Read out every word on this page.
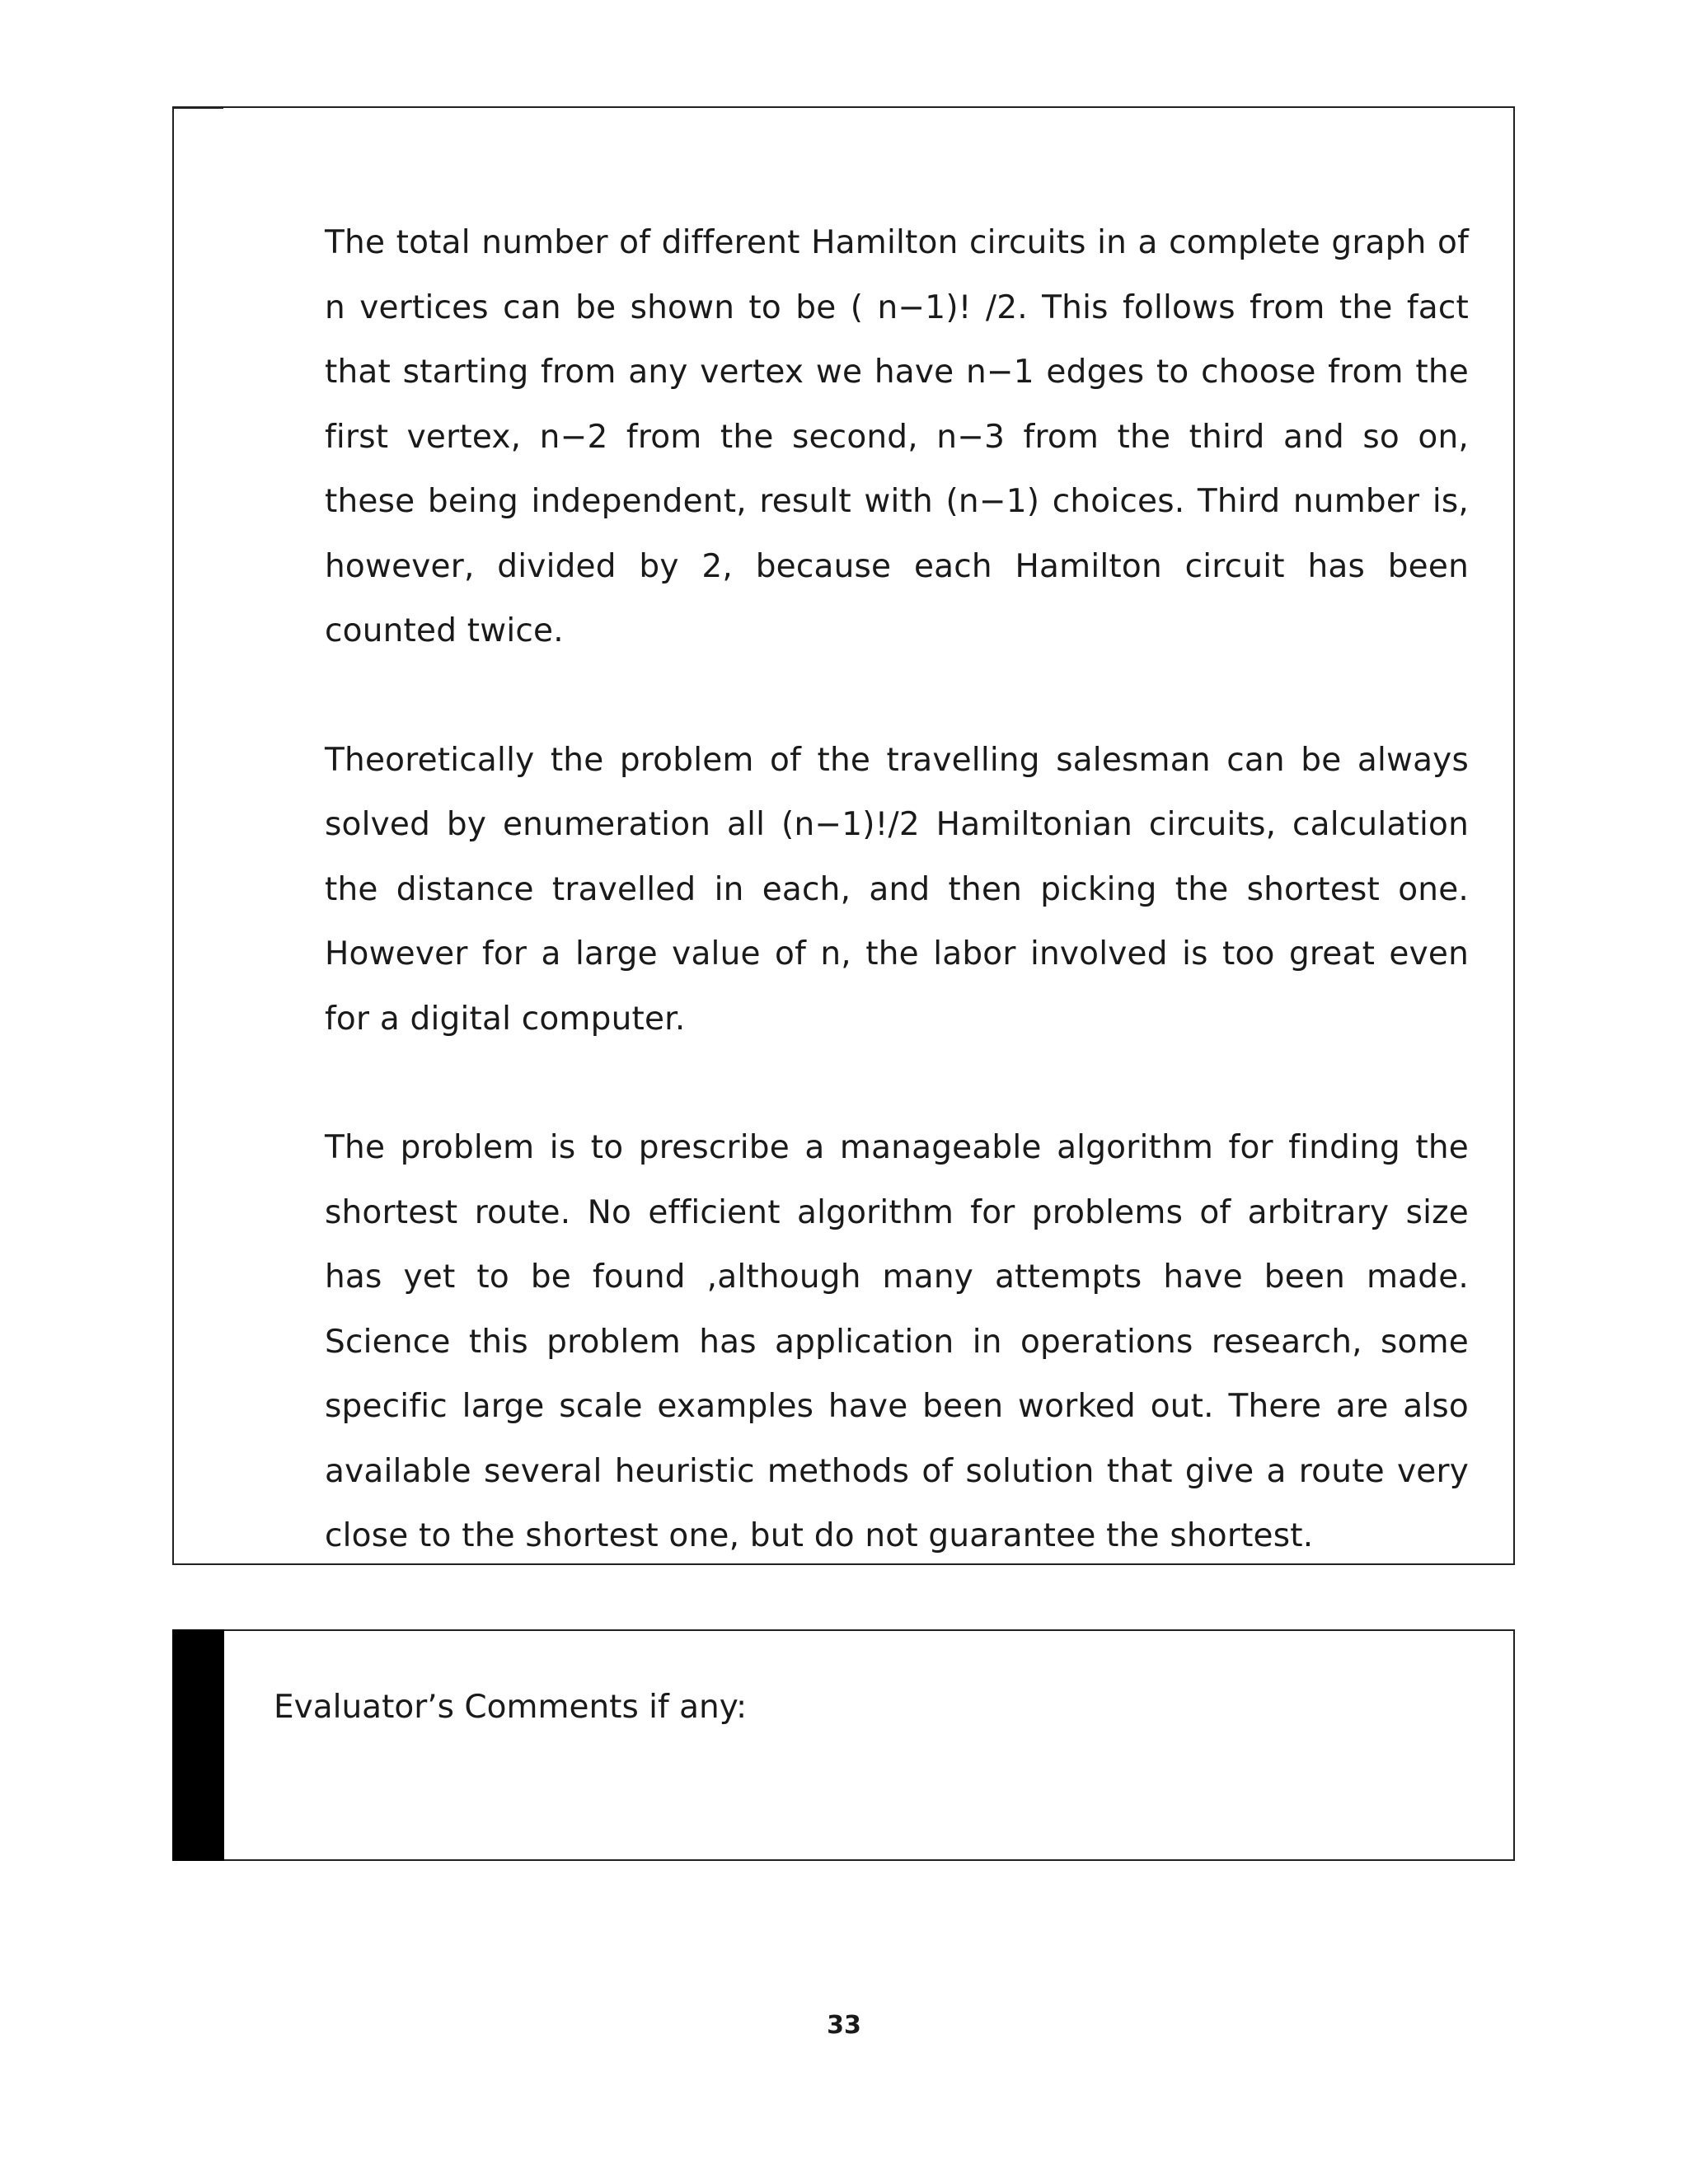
The total number of different Hamilton circuits in a complete graph of n vertices can be shown to be ( n−1)! /2. This follows from the fact that starting from any vertex we have n−1 edges to choose from the first vertex, n−2 from the second, n−3 from the third and so on, these being independent, result with (n−1) choices. Third number is, however, divided by 2, because each Hamilton circuit has been counted twice.

Theoretically the problem of the travelling salesman can be always solved by enumeration all (n−1)!/2 Hamiltonian circuits, calculation the distance travelled in each, and then picking the shortest one. However for a large value of n, the labor involved is too great even for a digital computer.

The problem is to prescribe a manageable algorithm for finding the shortest route. No efficient algorithm for problems of arbitrary size has yet to be found ,although many attempts have been made. Science this problem has application in operations research, some specific large scale examples have been worked out. There are also available several heuristic methods of solution that give a route very close to the shortest one, but do not guarantee the shortest.

Evaluator’s Comments if any:
33
